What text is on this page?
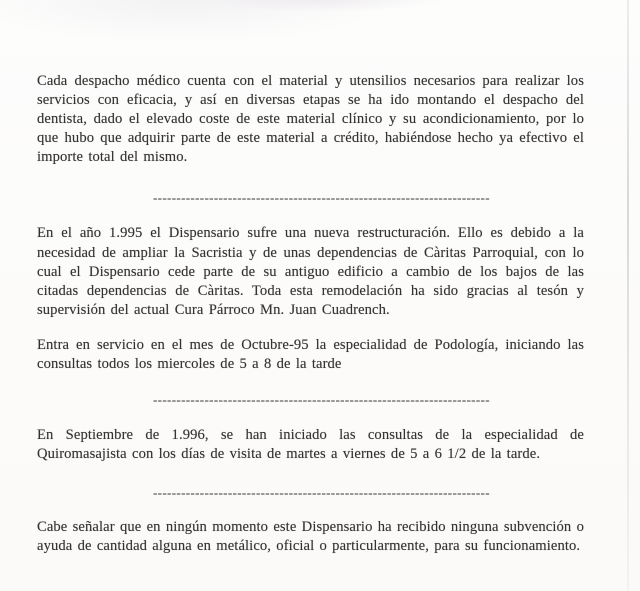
Cada despacho médico cuenta con el material y utensilios necesarios para realizar los servicios con eficacia, y así en diversas etapas se ha ido montando el despacho del dentista, dado el elevado coste de este material clínico y su acondicionamiento, por lo que hubo que adquirir parte de este material a crédito, habiéndose hecho ya efectivo el importe total del mismo.

------------------------------------------------------------------------

En el año 1.995 el Dispensario sufre una nueva restructuración. Ello es debido a la necesidad de ampliar la Sacristia y de unas dependencias de Càritas Parroquial, con lo cual el Dispensario cede parte de su antiguo edificio a cambio de los bajos de las citadas dependencias de Càritas. Toda esta remodelación ha sido gracias al tesón y supervisión del actual Cura Párroco Mn. Juan Cuadrench.

Entra en servicio en el mes de Octubre-95 la especialidad de Podología, iniciando las consultas todos los miercoles de 5 a 8 de la tarde

------------------------------------------------------------------------

En Septiembre de 1.996, se han iniciado las consultas de la especialidad de Quiromasajista con los días de visita de martes a viernes de 5 a 6 1/2 de la tarde.

------------------------------------------------------------------------

Cabe señalar que en ningún momento este Dispensario ha recibido ninguna subvención o ayuda de cantidad alguna en metálico, oficial o particularmente, para su funcionamiento.
